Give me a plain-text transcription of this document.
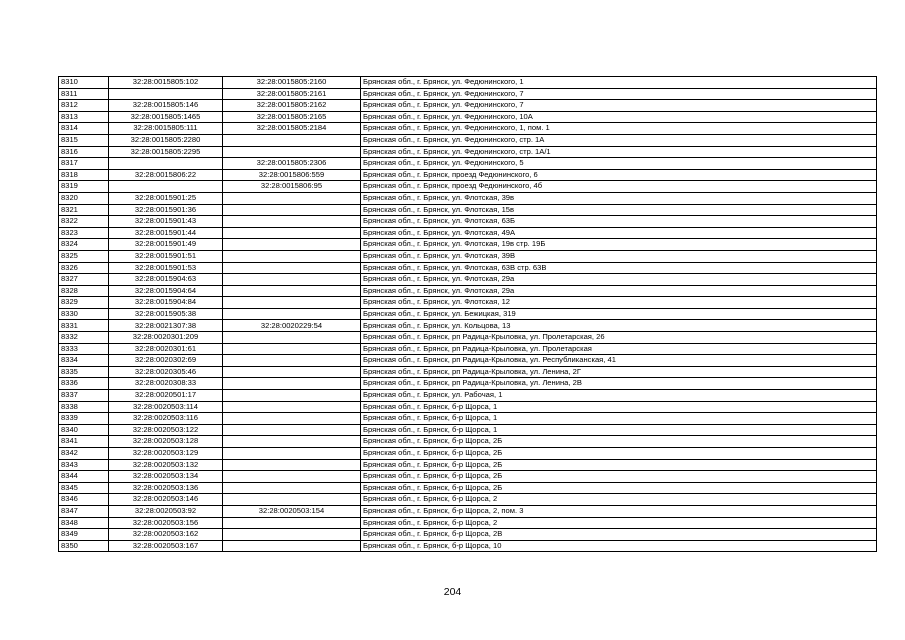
8310	32:28:0015805:102	32:28:0015805:2160	Брянская обл., г. Брянск, ул. Федюнинского, 1
8311		32:28:0015805:2161	Брянская обл., г. Брянск, ул. Федюнинского, 7
8312	32:28:0015805:146	32:28:0015805:2162	Брянская обл., г. Брянск, ул. Федюнинского, 7
8313	32:28:0015805:1465	32:28:0015805:2165	Брянская обл., г. Брянск, ул. Федюнинского, 10А
8314	32:28:0015805:111	32:28:0015805:2184	Брянская обл., г. Брянск, ул. Федюнинского, 1, пом. 1
8315	32:28:0015805:2280		Брянская обл., г. Брянск, ул. Федюнинского, стр. 1А
8316	32:28:0015805:2295		Брянская обл., г. Брянск, ул. Федюнинского, стр. 1А/1
8317		32:28:0015805:2306	Брянская обл., г. Брянск, ул. Федюнинского, 5
8318	32:28:0015806:22	32:28:0015806:559	Брянская обл., г. Брянск, проезд Федюнинского, 6
8319		32:28:0015806:95	Брянская обл., г. Брянск, проезд Федюнинского, 4б
8320	32:28:0015901:25		Брянская обл., г. Брянск, ул. Флотская, 39в
8321	32:28:0015901:36		Брянская обл., г. Брянск, ул. Флотская, 15в
8322	32:28:0015901:43		Брянская обл., г. Брянск, ул. Флотская, 63Б
8323	32:28:0015901:44		Брянская обл., г. Брянск, ул. Флотская, 49А
8324	32:28:0015901:49		Брянская обл., г. Брянск, ул. Флотская, 19в стр. 19Б
8325	32:28:0015901:51		Брянская обл., г. Брянск, ул. Флотская, 39В
8326	32:28:0015901:53		Брянская обл., г. Брянск, ул. Флотская, 63В стр. 63В
8327	32:28:0015904:63		Брянская обл., г. Брянск, ул. Флотская, 29а
8328	32:28:0015904:64		Брянская обл., г. Брянск, ул. Флотская, 29а
8329	32:28:0015904:84		Брянская обл., г. Брянск, ул. Флотская, 12
8330	32:28:0015905:38		Брянская обл., г. Брянск, ул. Бежицкая, 319
8331	32:28:0021307:38	32:28:0020229:54	Брянская обл., г. Брянск, ул. Кольцова, 13
8332	32:28:0020301:209		Брянская обл., г. Брянск, рп Радица-Крыловка, ул. Пролетарская, 26
8333	32:28:0020301:61		Брянская обл., г. Брянск, рп Радица-Крыловка, ул. Пролетарская
8334	32:28:0020302:69		Брянская обл., г. Брянск, рп Радица-Крыловка, ул. Республиканская, 41
8335	32:28:0020305:46		Брянская обл., г. Брянск, рп Радица-Крыловка, ул. Ленина, 2Г
8336	32:28:0020308:33		Брянская обл., г. Брянск, рп Радица-Крыловка, ул. Ленина, 2В
8337	32:28:0020501:17		Брянская обл., г. Брянск, ул. Рабочая, 1
8338	32:28:0020503:114		Брянская обл., г. Брянск, б-р Щорса, 1
8339	32:28:0020503:116		Брянская обл., г. Брянск, б-р Щорса, 1
8340	32:28:0020503:122		Брянская обл., г. Брянск, б-р Щорса, 1
8341	32:28:0020503:128		Брянская обл., г. Брянск, б-р Щорса, 2Б
8342	32:28:0020503:129		Брянская обл., г. Брянск, б-р Щорса, 2Б
8343	32:28:0020503:132		Брянская обл., г. Брянск, б-р Щорса, 2Б
8344	32:28:0020503:134		Брянская обл., г. Брянск, б-р Щорса, 2Б
8345	32:28:0020503:136		Брянская обл., г. Брянск, б-р Щорса, 2Б
8346	32:28:0020503:146		Брянская обл., г. Брянск, б-р Щорса, 2
8347	32:28:0020503:92	32:28:0020503:154	Брянская обл., г. Брянск, б-р Щорса, 2, пом. 3
8348	32:28:0020503:156		Брянская обл., г. Брянск, б-р Щорса, 2
8349	32:28:0020503:162		Брянская обл., г. Брянск, б-р Щорса, 2В
8350	32:28:0020503:167		Брянская обл., г. Брянск, б-р Щорса, 10
204
